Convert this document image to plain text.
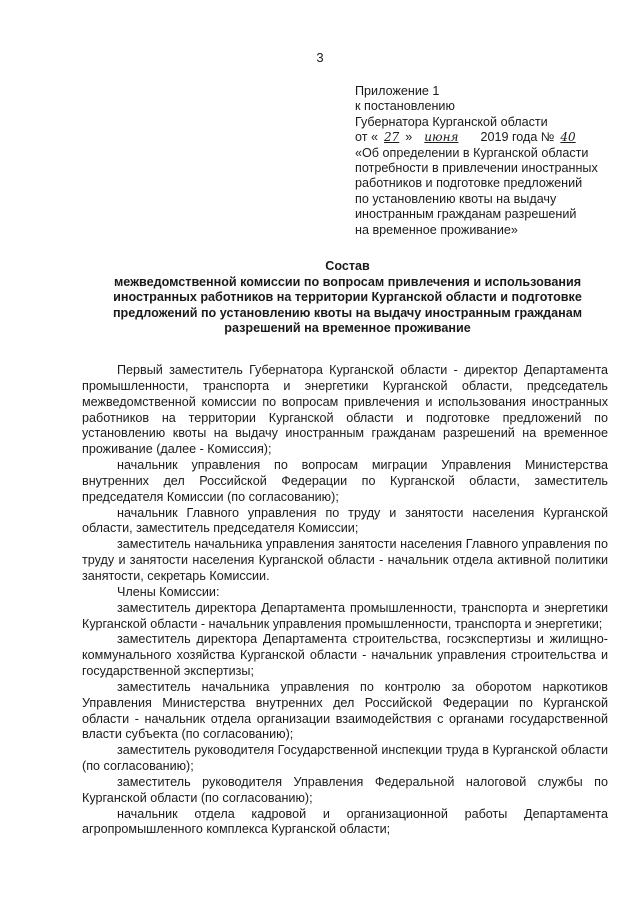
3
Приложение 1
к постановлению
Губернатора Курганской области
от « 27 » июня 2019 года № 40
«Об определении в Курганской области
потребности в привлечении иностранных
работников и подготовке предложений
по установлению квоты на выдачу
иностранным гражданам разрешений
на временное проживание»
Состав
межведомственной комиссии по вопросам привлечения и использования иностранных работников на территории Курганской области и подготовке предложений по установлению квоты на выдачу иностранным гражданам разрешений на временное проживание

Первый заместитель Губернатора Курганской области - директор Департамента промышленности, транспорта и энергетики Курганской области, председатель межведомственной комиссии по вопросам привлечения и использования иностранных работников на территории Курганской области и подготовке предложений по установлению квоты на выдачу иностранным гражданам разрешений на временное проживание (далее - Комиссия);

начальник управления по вопросам миграции Управления Министерства внутренних дел Российской Федерации по Курганской области, заместитель председателя Комиссии (по согласованию);

начальник Главного управления по труду и занятости населения Курганской области, заместитель председателя Комиссии;

заместитель начальника управления занятости населения Главного управления по труду и занятости населения Курганской области - начальник отдела активной политики занятости, секретарь Комиссии.

Члены Комиссии:

заместитель директора Департамента промышленности, транспорта и энергетики Курганской области - начальник управления промышленности, транспорта и энергетики;

заместитель директора Департамента строительства, госэкспертизы и жилищно-коммунального хозяйства Курганской области - начальник управления строительства и государственной экспертизы;

заместитель начальника управления по контролю за оборотом наркотиков Управления Министерства внутренних дел Российской Федерации по Курганской области - начальник отдела организации взаимодействия с органами государственной власти субъекта (по согласованию);

заместитель руководителя Государственной инспекции труда в Курганской области (по согласованию);

заместитель руководителя Управления Федеральной налоговой службы по Курганской области (по согласованию);

начальник отдела кадровой и организационной работы Департамента агропромышленного комплекса Курганской области;
